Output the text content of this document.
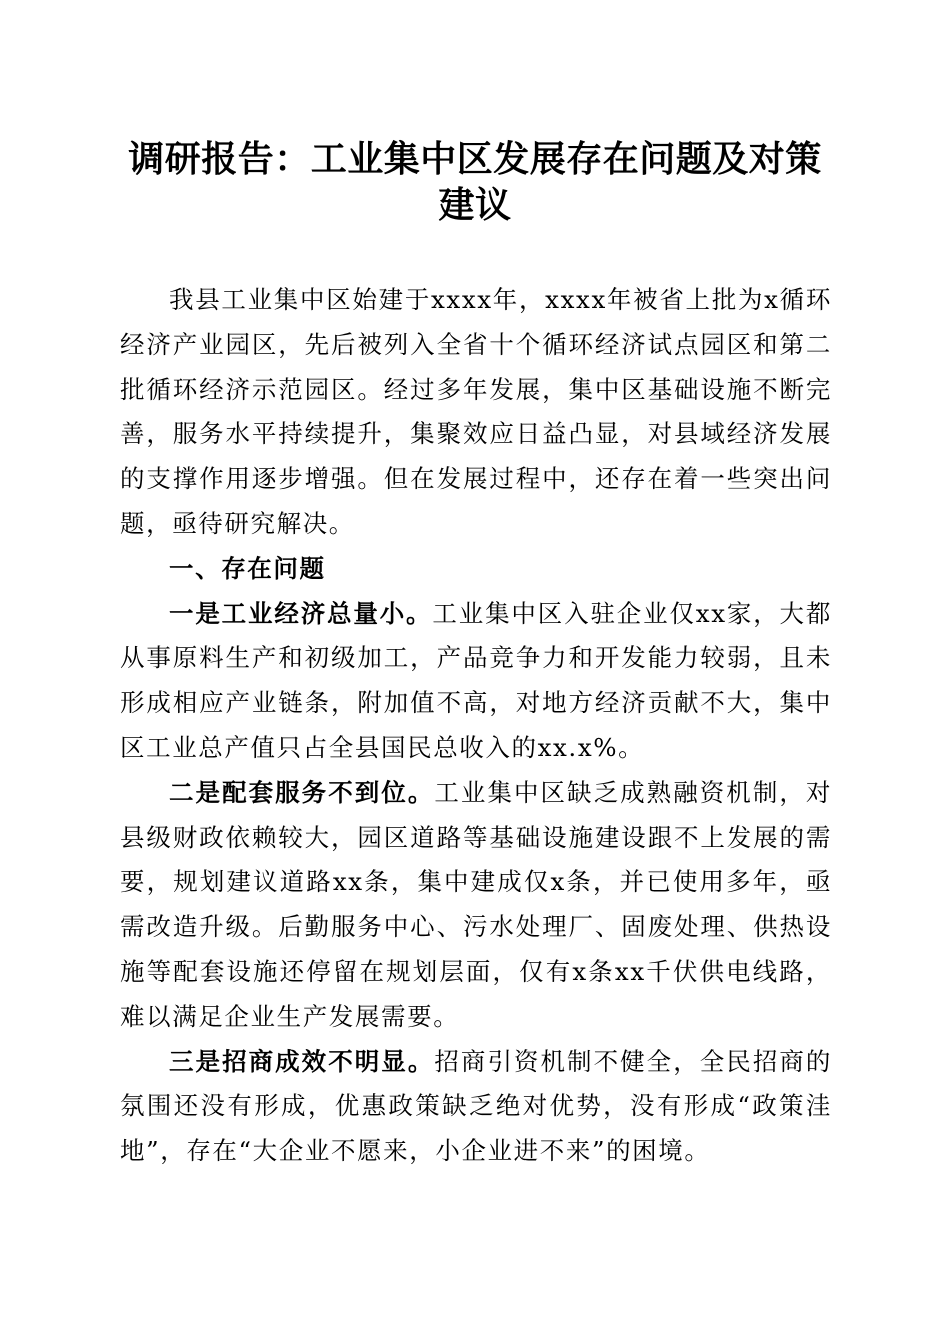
调研报告：工业集中区发展存在问题及对策建议

我县工业集中区始建于xxxx年，xxxx年被省上批为x循环经济产业园区，先后被列入全省十个循环经济试点园区和第二批循环经济示范园区。经过多年发展，集中区基础设施不断完善，服务水平持续提升，集聚效应日益凸显，对县域经济发展的支撑作用逐步增强。但在发展过程中，还存在着一些突出问题，亟待研究解决。

一、存在问题

一是工业经济总量小。工业集中区入驻企业仅xx家，大都从事原料生产和初级加工，产品竞争力和开发能力较弱，且未形成相应产业链条，附加值不高，对地方经济贡献不大，集中区工业总产值只占全县国民总收入的xx.x%。

二是配套服务不到位。工业集中区缺乏成熟融资机制，对县级财政依赖较大，园区道路等基础设施建设跟不上发展的需要，规划建议道路xx条，集中建成仅x条，并已使用多年，亟需改造升级。后勤服务中心、污水处理厂、固废处理、供热设施等配套设施还停留在规划层面，仅有x条xx千伏供电线路，难以满足企业生产发展需要。

三是招商成效不明显。招商引资机制不健全，全民招商的氛围还没有形成，优惠政策缺乏绝对优势，没有形成“政策洼地”，存在“大企业不愿来，小企业进不来”的困境。
